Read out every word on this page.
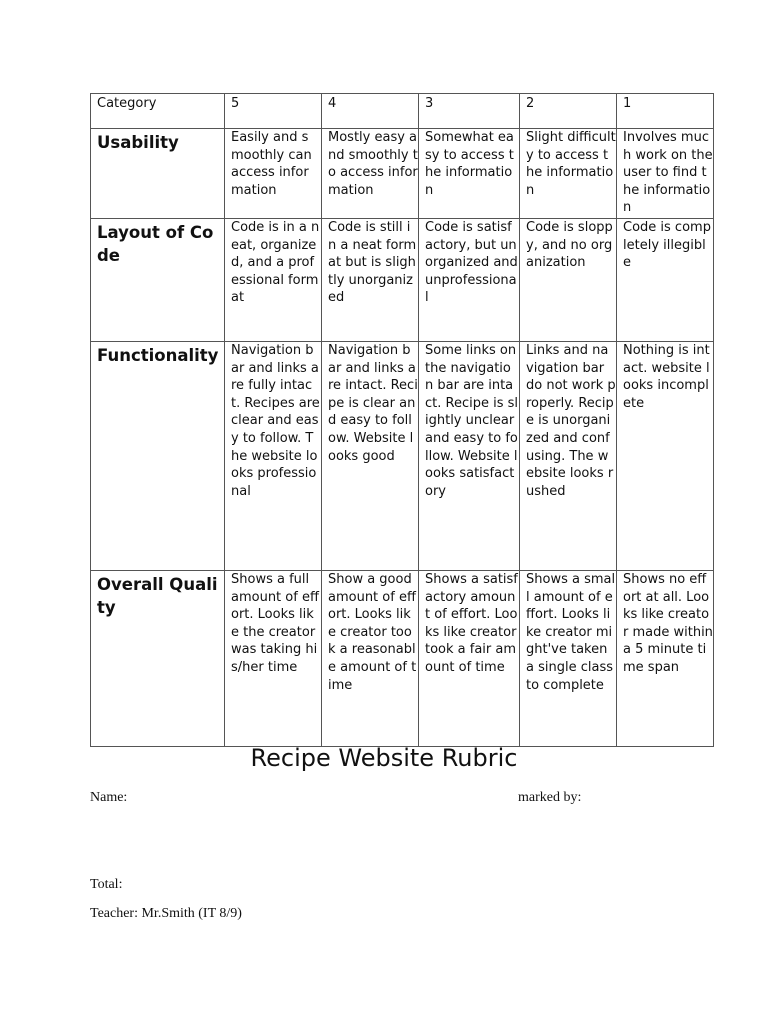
Category	5	4	3	2	1
Usability	Easily and smoothly can access information	Mostly easy and smoothly to access information	Somewhat easy to access the information	Slight difficulty to access the information	Involves much work on the user to find the information
Layout of Code	Code is in a neat, organized, and a professional format	Code is still in a neat format but is slightly unorganized	Code is satisfactory, but unorganized and unprofessional	Code is sloppy, and no organization	Code is completely illegible
Functionality	Navigation bar and links are fully intact. Recipes are clear and easy to follow. The website looks professional	Navigation bar and links are intact. Recipe is clear and easy to follow. Website looks good	Some links on the navigation bar are intact. Recipe is slightly unclear and easy to follow. Website looks satisfactory	Links and navigation bar do not work properly. Recipe is unorganized and confusing. The website looks rushed	Nothing is intact. website looks incomplete
Overall Quality	Shows a full amount of effort. Looks like the creator was taking his/her time	Show a good amount of effort. Looks like creator took a reasonable amount of time	Shows a satisfactory amount of effort. Looks like creator took a fair amount of time	Shows a small amount of effort. Looks like creator might've taken a single class to complete	Shows no effort at all. Looks like creator made within a 5 minute time span
Recipe Website Rubric
Name:	marked by:
Total:
Teacher: Mr.Smith (IT 8/9)
